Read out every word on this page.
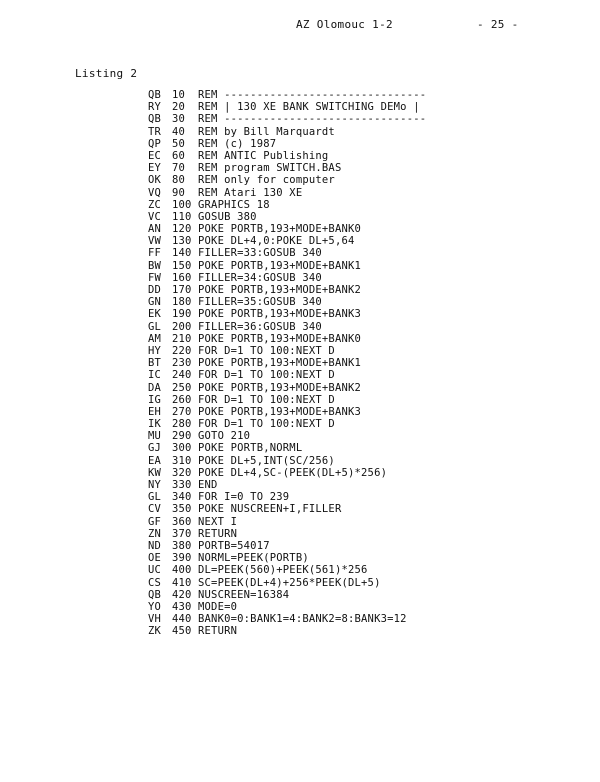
AZ Olomouc 1-2	- 25 -
Listing 2
QB 10 REM -------------------------------
RY 20 REM | 130 XE BANK SWITCHING DEMo |
QB 30 REM -------------------------------
TR 40 REM by Bill Marquardt
QP 50 REM (c) 1987
EC 60 REM ANTIC Publishing
EY 70 REM program SWITCH.BAS
OK 80 REM only for computer
VQ 90 REM Atari 130 XE
ZC 100 GRAPHICS 18
VC 110 GOSUB 380
AN 120 POKE PORTB,193+MODE+BANK0
VW 130 POKE DL+4,0:POKE DL+5,64
FF 140 FILLER=33:GOSUB 340
BW 150 POKE PORTB,193+MODE+BANK1
FW 160 FILLER=34:GOSUB 340
DD 170 POKE PORTB,193+MODE+BANK2
GN 180 FILLER=35:GOSUB 340
EK 190 POKE PORTB,193+MODE+BANK3
GL 200 FILLER=36:GOSUB 340
AM 210 POKE PORTB,193+MODE+BANK0
HY 220 FOR D=1 TO 100:NEXT D
BT 230 POKE PORTB,193+MODE+BANK1
IC 240 FOR D=1 TO 100:NEXT D
DA 250 POKE PORTB,193+MODE+BANK2
IG 260 FOR D=1 TO 100:NEXT D
EH 270 POKE PORTB,193+MODE+BANK3
IK 280 FOR D=1 TO 100:NEXT D
MU 290 GOTO 210
GJ 300 POKE PORTB,NORML
EA 310 POKE DL+5,INT(SC/256)
KW 320 POKE DL+4,SC-(PEEK(DL+5)*256)
NY 330 END
GL 340 FOR I=0 TO 239
CV 350 POKE NUSCREEN+I,FILLER
GF 360 NEXT I
ZN 370 RETURN
ND 380 PORTB=54017
OE 390 NORML=PEEK(PORTB)
UC 400 DL=PEEK(560)+PEEK(561)*256
CS 410 SC=PEEK(DL+4)+256*PEEK(DL+5)
QB 420 NUSCREEN=16384
YO 430 MODE=0
VH 440 BANK0=0:BANK1=4:BANK2=8:BANK3=12
ZK 450 RETURN
